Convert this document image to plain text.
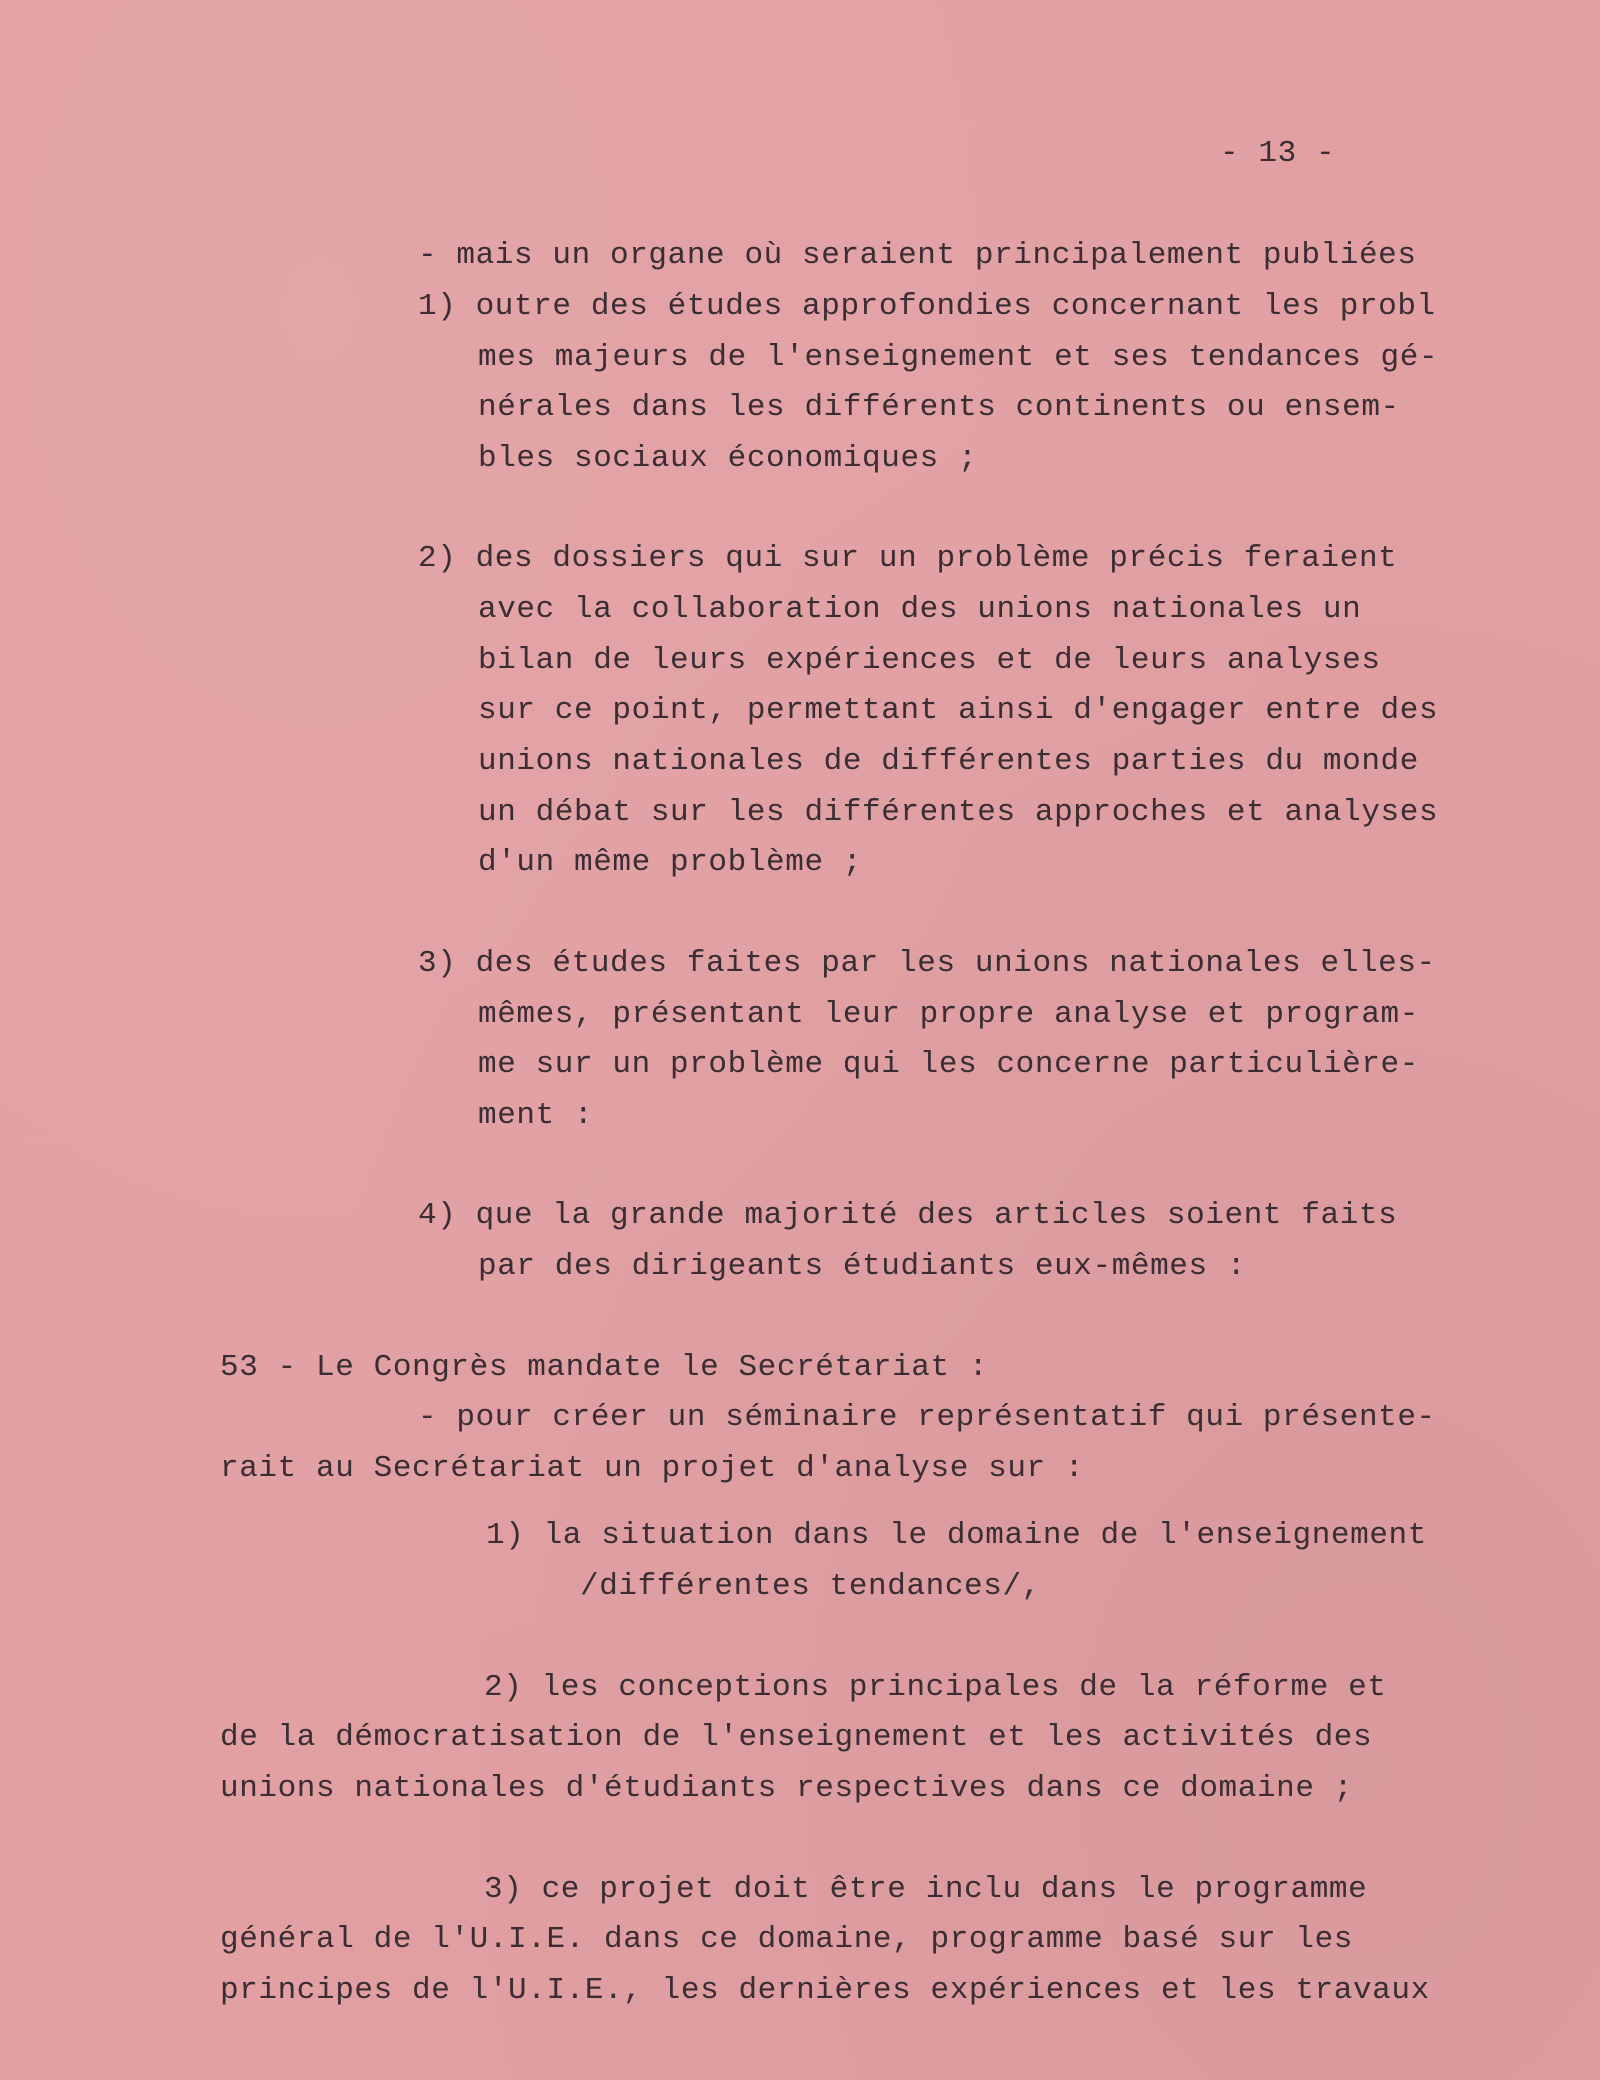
- 13 -
- mais un organe où seraient principalement publiées
1) outre des études approfondies concernant les probl
mes majeurs de l'enseignement et ses tendances gé-
nérales dans les différents continents ou ensem-
bles sociaux économiques ;
2) des dossiers qui sur un problème précis feraient
avec la collaboration des unions nationales un
bilan de leurs expériences et de leurs analyses
sur ce point, permettant ainsi d'engager entre des
unions nationales de différentes parties du monde
un débat sur les différentes approches et analyses
d'un même problème ;
3) des études faites par les unions nationales elles-
mêmes, présentant leur propre analyse et program-
me sur un problème qui les concerne particulière-
ment :
4) que la grande majorité des articles soient faits
par des dirigeants étudiants eux-mêmes :
53 - Le Congrès mandate le Secrétariat :
- pour créer un séminaire représentatif qui présente-
rait au Secrétariat un projet d'analyse sur :
1) la situation dans le domaine de l'enseignement
/différentes tendances/,
2) les conceptions principales de la réforme et
de la démocratisation de l'enseignement et les activités des
unions nationales d'étudiants respectives dans ce domaine ;
3) ce projet doit être inclu dans le programme
général de l'U.I.E. dans ce domaine, programme basé sur les
principes de l'U.I.E., les dernières expériences et les travaux
